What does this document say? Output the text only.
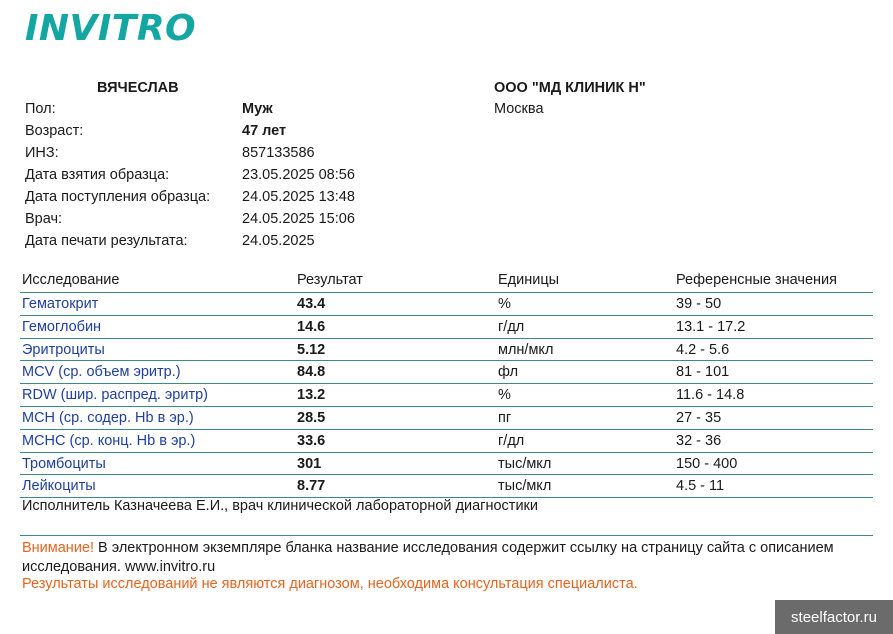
INVITRO
ВЯЧЕСЛАВ	ООО "МД КЛИНИК Н"
Москва
Пол:	Муж
Возраст:	47 лет
ИНЗ:	857133586
Дата взятия образца:	23.05.2025 08:56
Дата поступления образца: 24.05.2025 13:48
Врач:	24.05.2025 15:06
Дата печати результата:	24.05.2025
Исследование	Результат	Единицы	Референсные значения
Гематокрит	43.4	%	39 - 50
Гемоглобин	14.6	г/дл	13.1 - 17.2
Эритроциты	5.12	млн/мкл	4.2 - 5.6
MCV (ср. объем эритр.)	84.8	фл	81 - 101
RDW (шир. распред. эритр)	13.2	%	11.6 - 14.8
MCH (ср. содер. Hb в эр.)	28.5	пг	27 - 35
MCHC (ср. конц. Hb в эр.)	33.6	г/дл	32 - 36
Тромбоциты	301	тыс/мкл	150 - 400
Лейкоциты	8.77	тыс/мкл	4.5 - 11
Исполнитель Казначеева Е.И., врач клинической лабораторной диагностики
Внимание! В электронном экземпляре бланка название исследования содержит ссылку на страницу сайта с описанием исследования. www.invitro.ru
Результаты исследований не являются диагнозом, необходима консультация специалиста.
steelfactor.ru
